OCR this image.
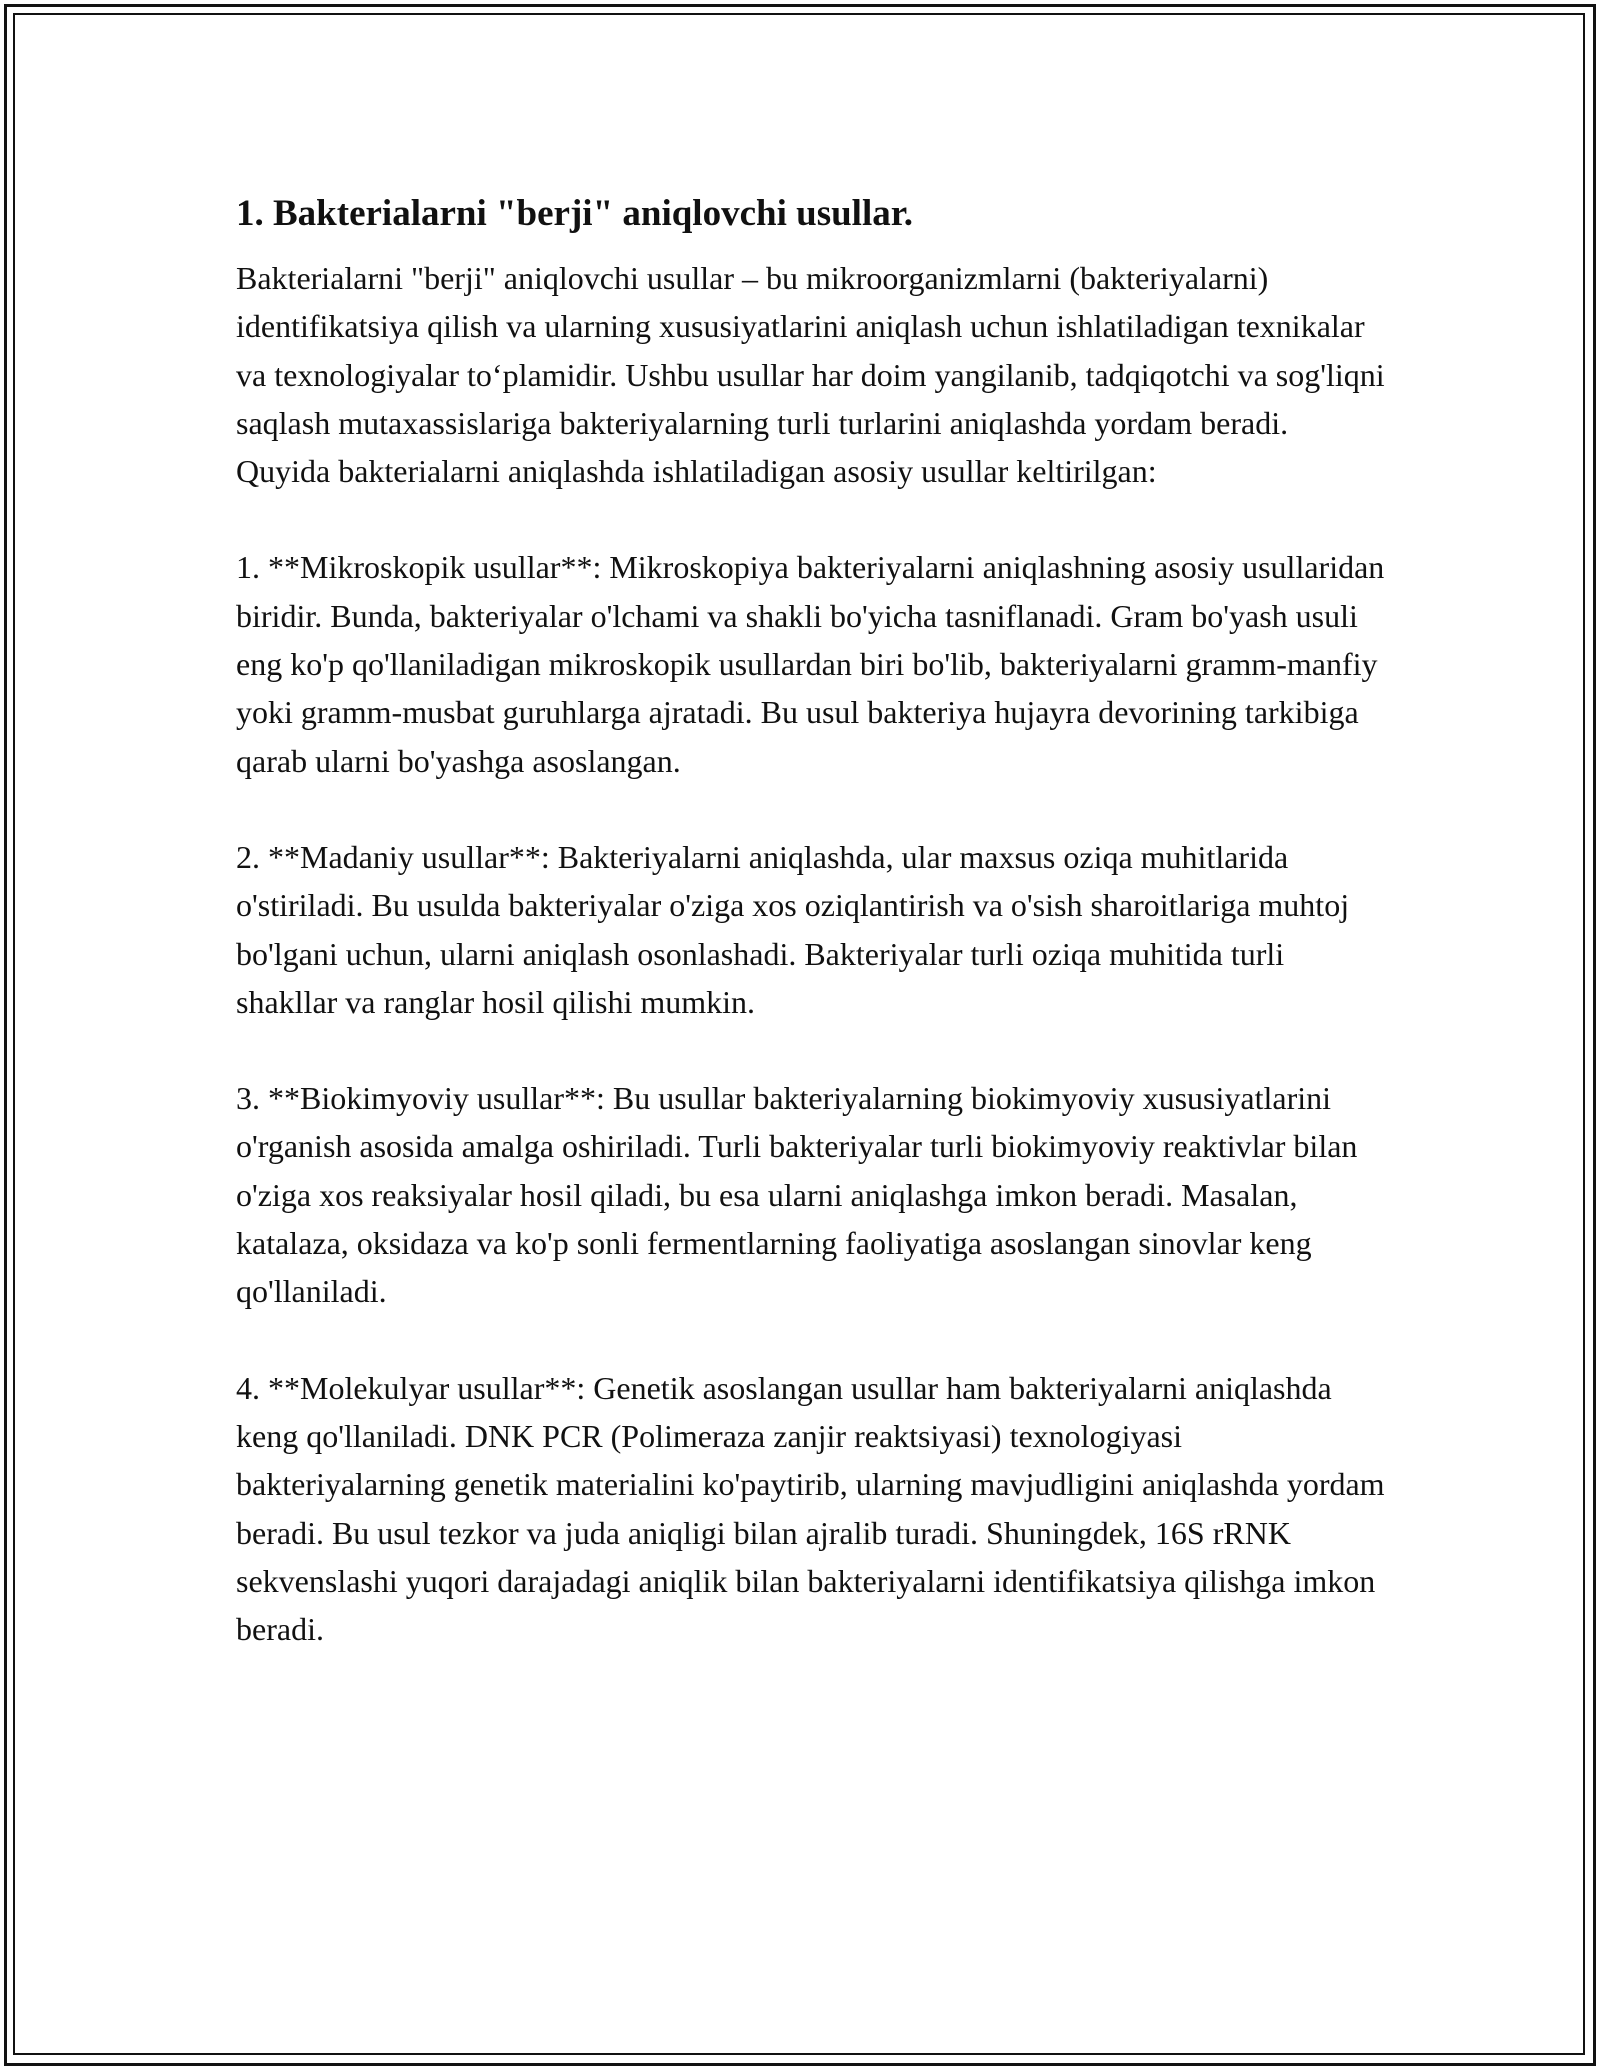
1. Bakterialarni "berji" aniqlovchi usullar.

Bakterialarni "berji" aniqlovchi usullar – bu mikroorganizmlarni (bakteriyalarni) identifikatsiya qilish va ularning xususiyatlarini aniqlash uchun ishlatiladigan texnikalar va texnologiyalar to‘plamidir. Ushbu usullar har doim yangilanib, tadqiqotchi va sog'liqni saqlash mutaxassislariga bakteriyalarning turli turlarini aniqlashda yordam beradi. Quyida bakterialarni aniqlashda ishlatiladigan asosiy usullar keltirilgan:

1. **Mikroskopik usullar**: Mikroskopiya bakteriyalarni aniqlashning asosiy usullaridan biridir. Bunda, bakteriyalar o'lchami va shakli bo'yicha tasniflanadi. Gram bo'yash usuli eng ko'p qo'llaniladigan mikroskopik usullardan biri bo'lib, bakteriyalarni gramm-manfiy yoki gramm-musbat guruhlarga ajratadi. Bu usul bakteriya hujayra devorining tarkibiga qarab ularni bo'yashga asoslangan.

2. **Madaniy usullar**: Bakteriyalarni aniqlashda, ular maxsus oziqa muhitlarida o'stiriladi. Bu usulda bakteriyalar o'ziga xos oziqlantirish va o'sish sharoitlariga muhtoj bo'lgani uchun, ularni aniqlash osonlashadi. Bakteriyalar turli oziqa muhitida turli shakllar va ranglar hosil qilishi mumkin.

3. **Biokimyoviy usullar**: Bu usullar bakteriyalarning biokimyoviy xususiyatlarini o'rganish asosida amalga oshiriladi. Turli bakteriyalar turli biokimyoviy reaktivlar bilan o'ziga xos reaksiyalar hosil qiladi, bu esa ularni aniqlashga imkon beradi. Masalan, katalaza, oksidaza va ko'p sonli fermentlarning faoliyatiga asoslangan sinovlar keng qo'llaniladi.

4. **Molekulyar usullar**: Genetik asoslangan usullar ham bakteriyalarni aniqlashda keng qo'llaniladi. DNK PCR (Polimeraza zanjir reaktsiyasi) texnologiyasi bakteriyalarning genetik materialini ko'paytirib, ularning mavjudligini aniqlashda yordam beradi. Bu usul tezkor va juda aniqligi bilan ajralib turadi. Shuningdek, 16S rRNK sekvenslashi yuqori darajadagi aniqlik bilan bakteriyalarni identifikatsiya qilishga imkon beradi.
